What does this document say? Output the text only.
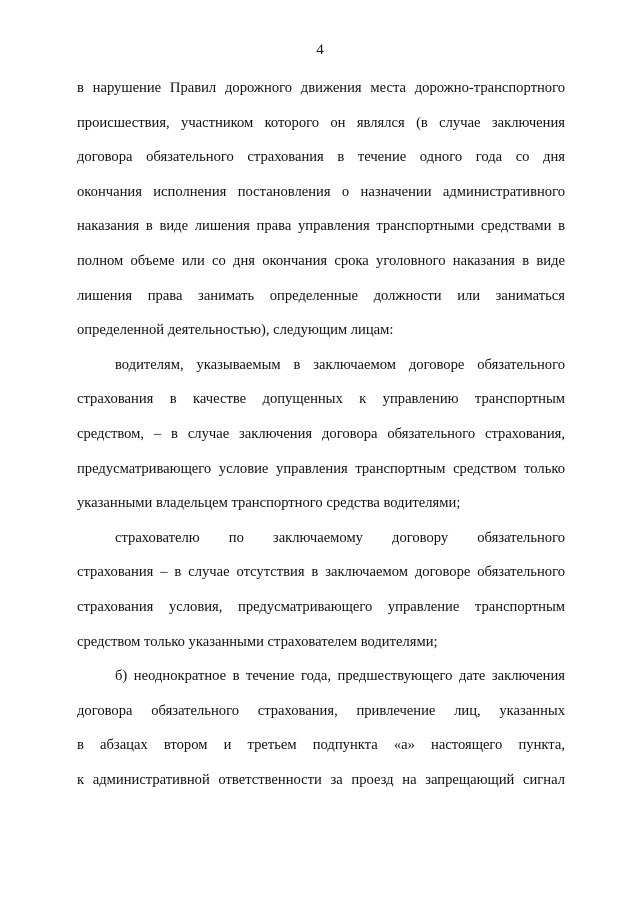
4
в нарушение Правил дорожного движения места дорожно-транспортного
происшествия, участником которого он являлся (в случае заключения
договора обязательного страхования в течение одного года со дня
окончания исполнения постановления о назначении административного
наказания в виде лишения права управления транспортными средствами в
полном объеме или со дня окончания срока уголовного наказания в виде
лишения права занимать определенные должности или заниматься
определенной деятельностью), следующим лицам:
водителям, указываемым в заключаемом договоре обязательного
страхования в качестве допущенных к управлению транспортным
средством, – в случае заключения договора обязательного страхования,
предусматривающего условие управления транспортным средством только
указанными владельцем транспортного средства водителями;
страхователю по заключаемому договору обязательного
страхования – в случае отсутствия в заключаемом договоре обязательного
страхования условия, предусматривающего управление транспортным
средством только указанными страхователем водителями;
б) неоднократное в течение года, предшествующего дате заключения
договора обязательного страхования, привлечение лиц, указанных
в абзацах втором и третьем подпункта «а» настоящего пункта,
к административной ответственности за проезд на запрещающий сигнал
